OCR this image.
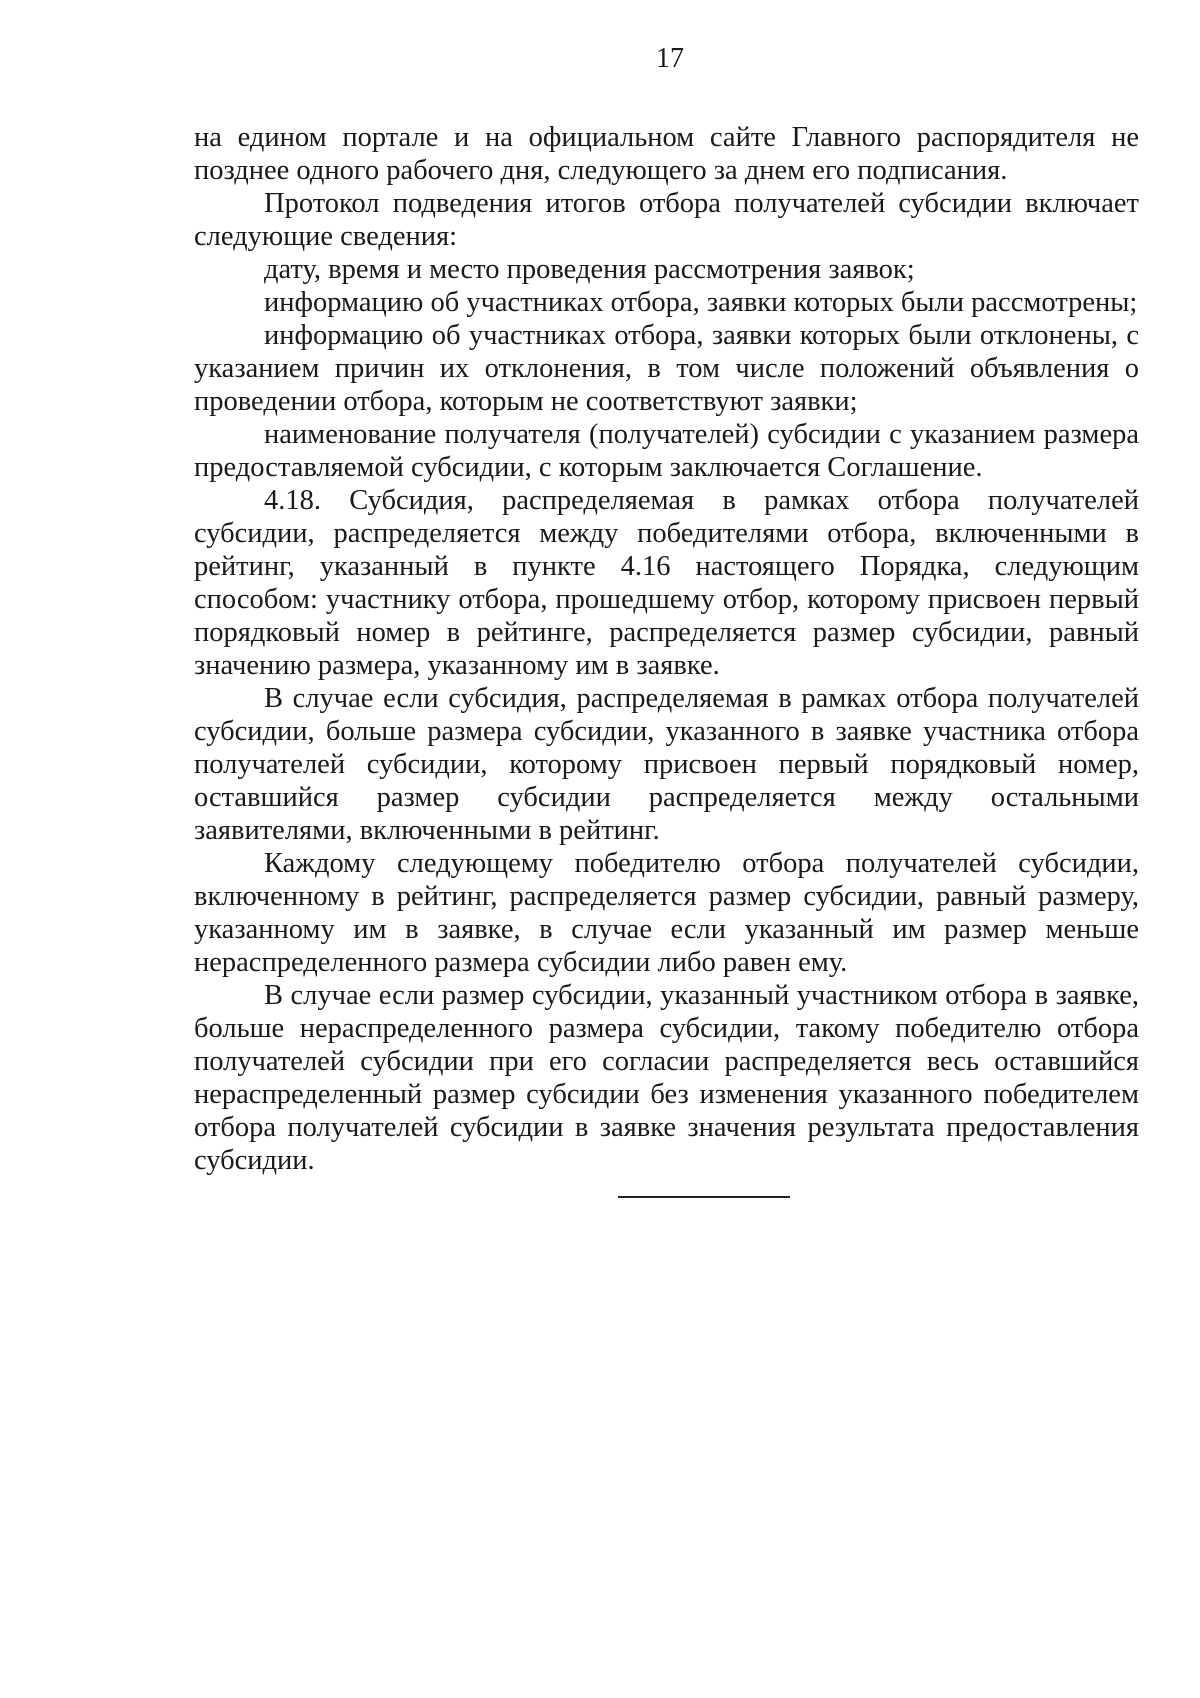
17

на едином портале и на официальном сайте Главного распорядителя не позднее одного рабочего дня, следующего за днем его подписания.

Протокол подведения итогов отбора получателей субсидии включает следующие сведения:

дату, время и место проведения рассмотрения заявок;

информацию об участниках отбора, заявки которых были рассмотрены;

информацию об участниках отбора, заявки которых были отклонены, с указанием причин их отклонения, в том числе положений объявления о проведении отбора, которым не соответствуют заявки;

наименование получателя (получателей) субсидии с указанием размера предоставляемой субсидии, с которым заключается Соглашение.

4.18. Субсидия, распределяемая в рамках отбора получателей субсидии, распределяется между победителями отбора, включенными в рейтинг, указанный в пункте 4.16 настоящего Порядка, следующим способом: участнику отбора, прошедшему отбор, которому присвоен первый порядковый номер в рейтинге, распределяется размер субсидии, равный значению размера, указанному им в заявке.

В случае если субсидия, распределяемая в рамках отбора получателей субсидии, больше размера субсидии, указанного в заявке участника отбора получателей субсидии, которому присвоен первый порядковый номер, оставшийся размер субсидии распределяется между остальными заявителями, включенными в рейтинг.

Каждому следующему победителю отбора получателей субсидии, включенному в рейтинг, распределяется размер субсидии, равный размеру, указанному им в заявке, в случае если указанный им размер меньше нераспределенного размера субсидии либо равен ему.

В случае если размер субсидии, указанный участником отбора в заявке, больше нераспределенного размера субсидии, такому победителю отбора получателей субсидии при его согласии распределяется весь оставшийся нераспределенный размер субсидии без изменения указанного победителем отбора получателей субсидии в заявке значения результата предоставления субсидии.
